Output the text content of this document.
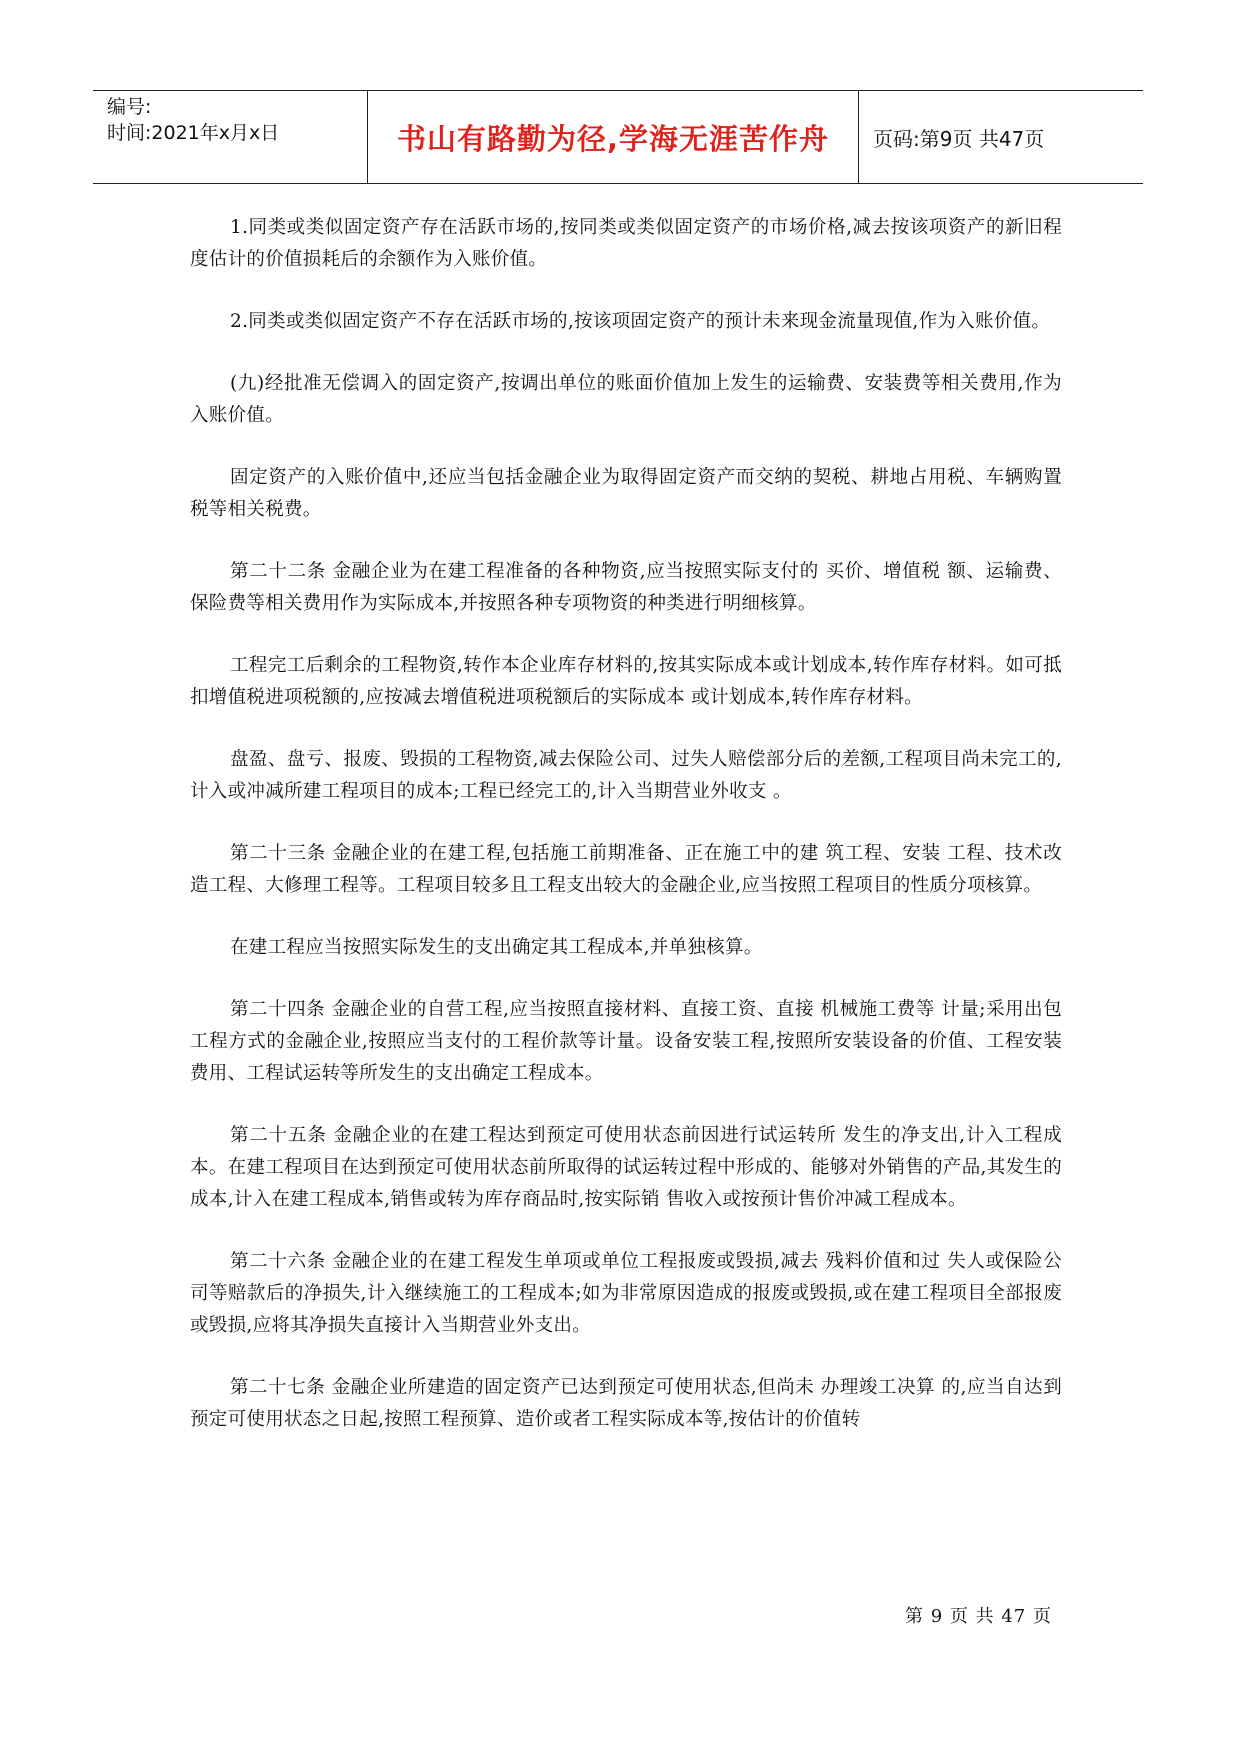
编号:
时间:2021年x月x日	书山有路勤为径,学海无涯苦作舟	页码:第9页 共47页

1.同类或类似固定资产存在活跃市场的,按同类或类似固定资产的市场价格,减去按该项资产的新旧程度估计的价值损耗后的余额作为入账价值。

2.同类或类似固定资产不存在活跃市场的,按该项固定资产的预计未来现金流量现值,作为入账价值。

(九)经批准无偿调入的固定资产,按调出单位的账面价值加上发生的运输费、安装费等相关费用,作为入账价值。

固定资产的入账价值中,还应当包括金融企业为取得固定资产而交纳的契税、耕地占用税、车辆购置税等相关税费。

第二十二条 金融企业为在建工程准备的各种物资,应当按照实际支付的 买价、增值税 额、运输费、保险费等相关费用作为实际成本,并按照各种专项物资的种类进行明细核算。

工程完工后剩余的工程物资,转作本企业库存材料的,按其实际成本或计划成本,转作库存材料。如可抵扣增值税进项税额的,应按减去增值税进项税额后的实际成本 或计划成本,转作库存材料。

盘盈、盘亏、报废、毁损的工程物资,减去保险公司、过失人赔偿部分后的差额,工程项目尚未完工的,计入或冲减所建工程项目的成本;工程已经完工的,计入当期营业外收支 。

第二十三条 金融企业的在建工程,包括施工前期准备、正在施工中的建 筑工程、安装 工程、技术改造工程、大修理工程等。工程项目较多且工程支出较大的金融企业,应当按照工程项目的性质分项核算。

在建工程应当按照实际发生的支出确定其工程成本,并单独核算。

第二十四条 金融企业的自营工程,应当按照直接材料、直接工资、直接 机械施工费等 计量;采用出包工程方式的金融企业,按照应当支付的工程价款等计量。设备安装工程,按照所安装设备的价值、工程安装费用、工程试运转等所发生的支出确定工程成本。

第二十五条 金融企业的在建工程达到预定可使用状态前因进行试运转所 发生的净支出,计入工程成本。在建工程项目在达到预定可使用状态前所取得的试运转过程中形成的、能够对外销售的产品,其发生的成本,计入在建工程成本,销售或转为库存商品时,按实际销 售收入或按预计售价冲减工程成本。

第二十六条 金融企业的在建工程发生单项或单位工程报废或毁损,减去 残料价值和过 失人或保险公司等赔款后的净损失,计入继续施工的工程成本;如为非常原因造成的报废或毁损,或在建工程项目全部报废或毁损,应将其净损失直接计入当期营业外支出。

第二十七条 金融企业所建造的固定资产已达到预定可使用状态,但尚未 办理竣工决算 的,应当自达到预定可使用状态之日起,按照工程预算、造价或者工程实际成本等,按估计的价值转

第 9 页 共 47 页
